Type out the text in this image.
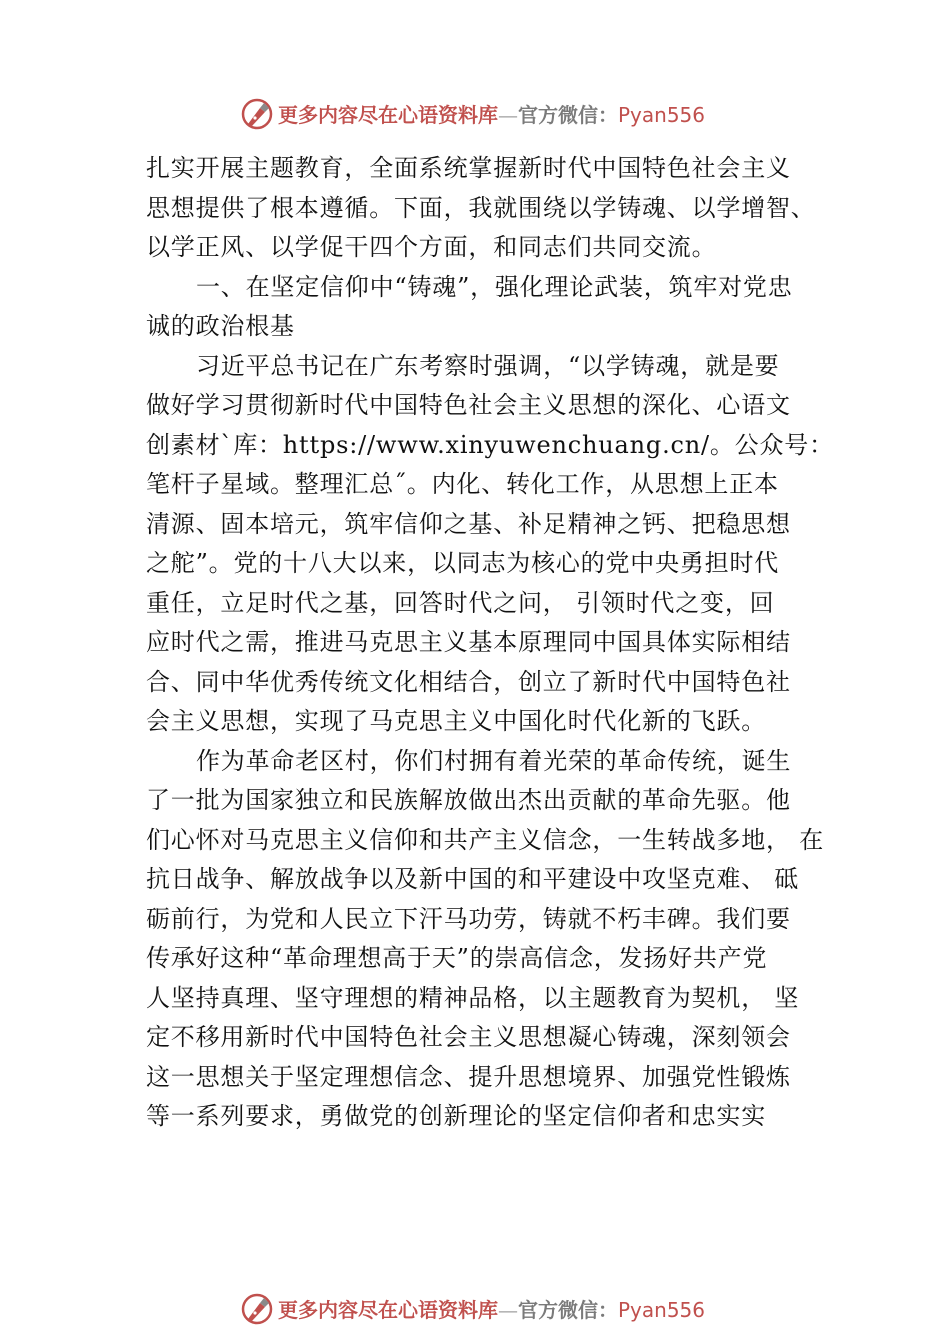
更多内容尽在心语资料库—官方微信：Pyan556
扎实开展主题教育，全面系统掌握新时代中国特色社会主义
思想提供了根本遵循。下面，我就围绕以学铸魂、以学增智、
以学正风、以学促干四个方面，和同志们共同交流。
一、在坚定信仰中“铸魂”，强化理论武装，筑牢对党忠
诚的政治根基
习近平总书记在广东考察时强调，“以学铸魂，就是要
做好学习贯彻新时代中国特色社会主义思想的深化、心语文
创素材`库：https://www.xinyuwenchuang.cn/。公众号：
笔杆子星域。整理汇总˝。内化、转化工作，从思想上正本
清源、固本培元，筑牢信仰之基、补足精神之钙、把稳思想
之舵”。党的十八大以来，以同志为核心的党中央勇担时代
重任，立足时代之基，回答时代之问， 引领时代之变，回
应时代之需，推进马克思主义基本原理同中国具体实际相结
合、同中华优秀传统文化相结合，创立了新时代中国特色社
会主义思想，实现了马克思主义中国化时代化新的飞跃。
作为革命老区村，你们村拥有着光荣的革命传统，诞生
了一批为国家独立和民族解放做出杰出贡献的革命先驱。他
们心怀对马克思主义信仰和共产主义信念，一生转战多地， 在
抗日战争、解放战争以及新中国的和平建设中攻坚克难、 砥
砺前行，为党和人民立下汗马功劳，铸就不朽丰碑。我们要
传承好这种“革命理想高于天”的崇高信念，发扬好共产党
人坚持真理、坚守理想的精神品格，以主题教育为契机， 坚
定不移用新时代中国特色社会主义思想凝心铸魂，深刻领会
这一思想关于坚定理想信念、提升思想境界、加强党性锻炼
等一系列要求，勇做党的创新理论的坚定信仰者和忠实实
更多内容尽在心语资料库—官方微信：Pyan556
